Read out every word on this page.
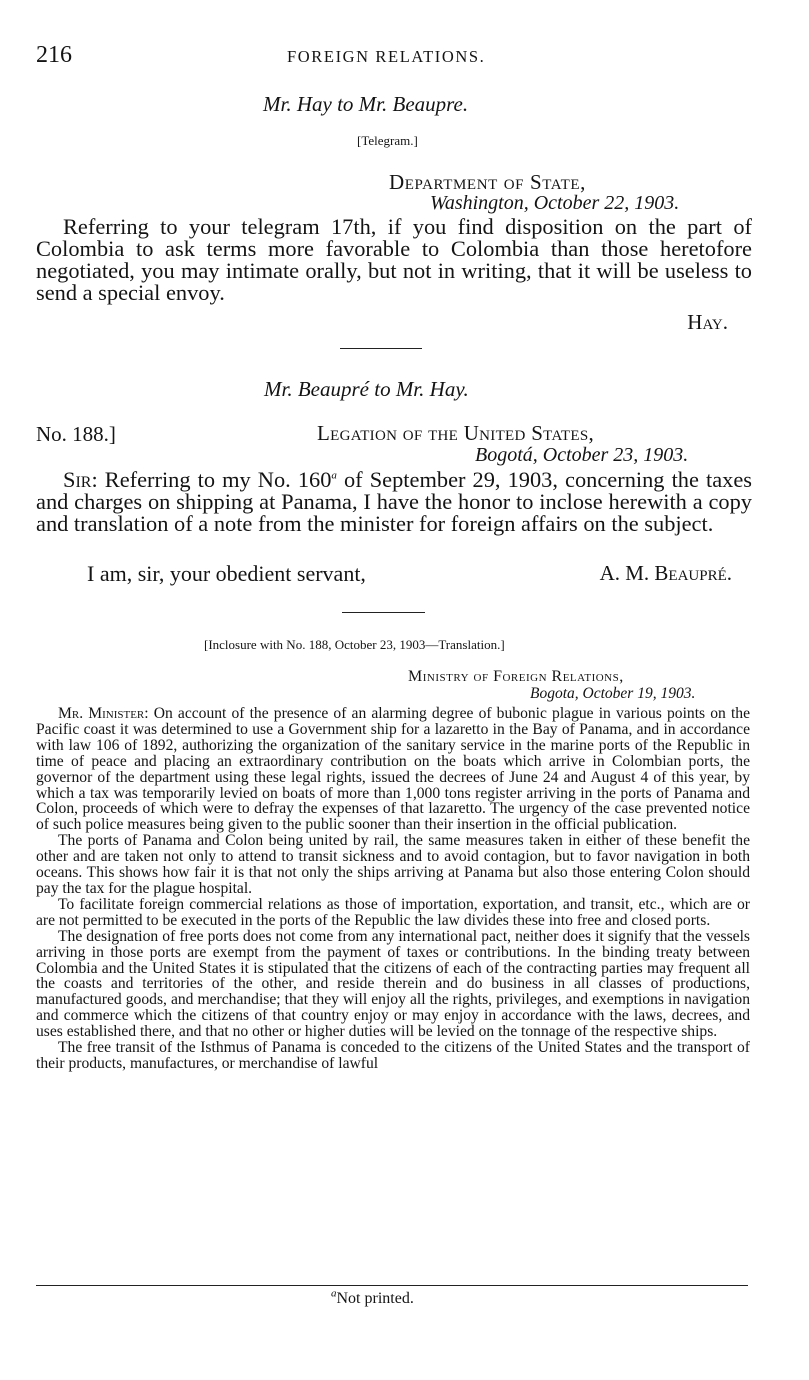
216	FOREIGN RELATIONS.
Mr. Hay to Mr. Beaupre.
[Telegram.]
Department of State,
Washington, October 22, 1903.

Referring to your telegram 17th, if you find disposition on the part of Colombia to ask terms more favorable to Colombia than those heretofore negotiated, you may intimate orally, but not in writing, that it will be useless to send a special envoy.

Hay.
Mr. Beaupré to Mr. Hay.
No. 188.]	Legation of the United States,
Bogotá, October 23, 1903.

Sir: Referring to my No. 160$^a$ of September 29, 1903, concerning the taxes and charges on shipping at Panama, I have the honor to inclose herewith a copy and translation of a note from the minister for foreign affairs on the subject.

I am, sir, your obedient servant,	A. M. Beaupré.
[Inclosure with No. 188, October 23, 1903—Translation.]
Ministry of Foreign Relations,
Bogota, October 19, 1903.

Mr. Minister: On account of the presence of an alarming degree of bubonic plague in various points on the Pacific coast it was determined to use a Government ship for a lazaretto in the Bay of Panama, and in accordance with law 106 of 1892, authorizing the organization of the sanitary service in the marine ports of the Republic in time of peace and placing an extraordinary contribution on the boats which arrive in Colombian ports, the governor of the department using these legal rights, issued the decrees of June 24 and August 4 of this year, by which a tax was temporarily levied on boats of more than 1,000 tons register arriving in the ports of Panama and Colon, proceeds of which were to defray the expenses of that lazaretto. The urgency of the case prevented notice of such police measures being given to the public sooner than their insertion in the official publication.

The ports of Panama and Colon being united by rail, the same measures taken in either of these benefit the other and are taken not only to attend to transit sickness and to avoid contagion, but to favor navigation in both oceans. This shows how fair it is that not only the ships arriving at Panama but also those entering Colon should pay the tax for the plague hospital.

To facilitate foreign commercial relations as those of importation, exportation, and transit, etc., which are or are not permitted to be executed in the ports of the Republic the law divides these into free and closed ports.

The designation of free ports does not come from any international pact, neither does it signify that the vessels arriving in those ports are exempt from the payment of taxes or contributions. In the binding treaty between Colombia and the United States it is stipulated that the citizens of each of the contracting parties may frequent all the coasts and territories of the other, and reside therein and do business in all classes of productions, manufactured goods, and merchandise; that they will enjoy all the rights, privileges, and exemptions in navigation and commerce which the citizens of that country enjoy or may enjoy in accordance with the laws, decrees, and uses established there, and that no other or higher duties will be levied on the tonnage of the respective ships.

The free transit of the Isthmus of Panama is conceded to the citizens of the United States and the transport of their products, manufactures, or merchandise of lawful

$^a$Not printed.
